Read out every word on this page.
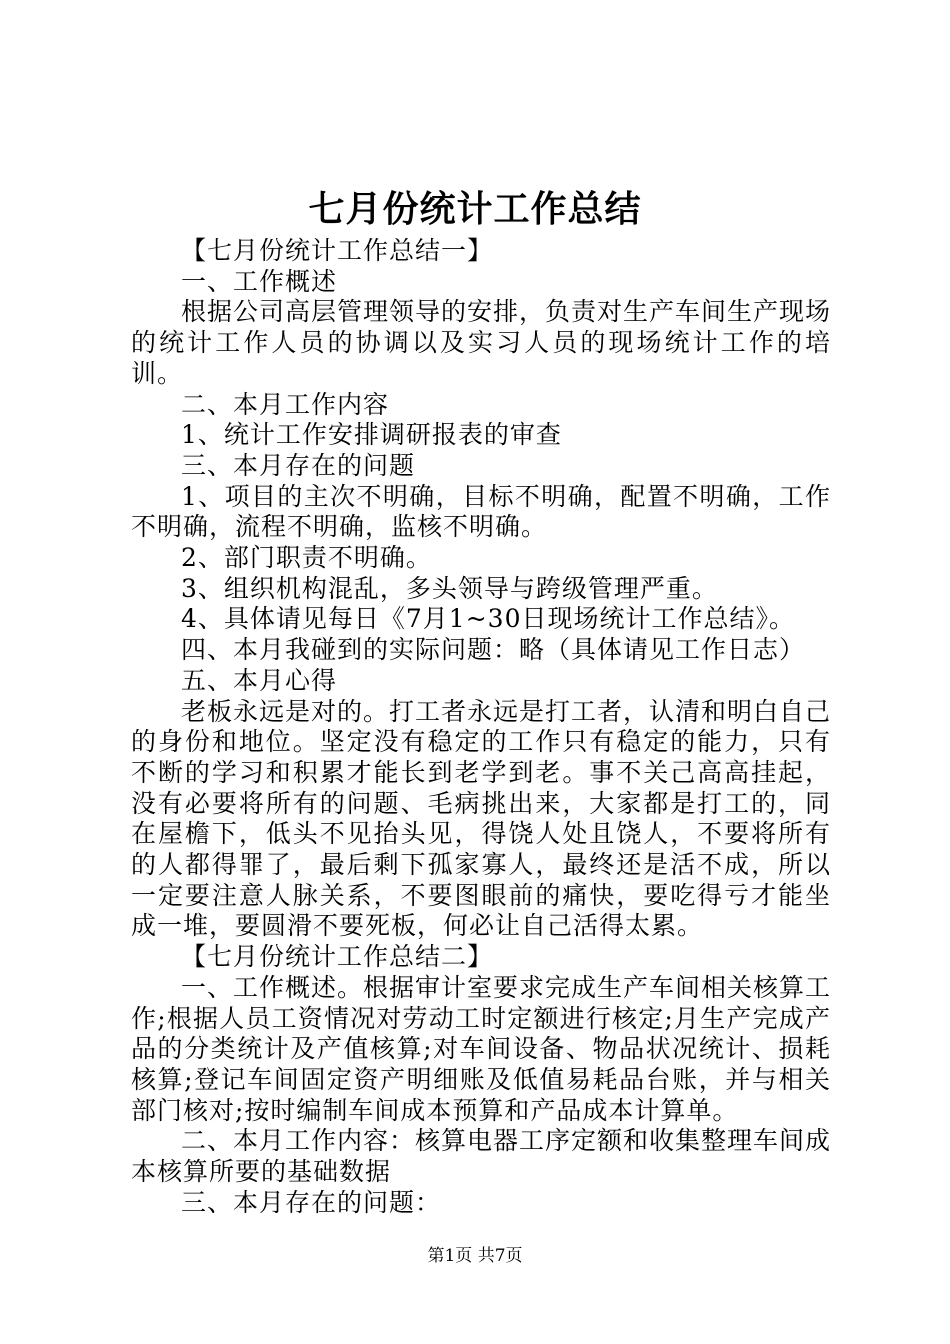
七月份统计工作总结

【七月份统计工作总结一】

一、工作概述

根据公司高层管理领导的安排，负责对生产车间生产现场的统计工作人员的协调以及实习人员的现场统计工作的培训。

二、本月工作内容

1、统计工作安排调研报表的审查

三、本月存在的问题

1、项目的主次不明确，目标不明确，配置不明确，工作不明确，流程不明确，监核不明确。

2、部门职责不明确。

3、组织机构混乱，多头领导与跨级管理严重。

4、具体请见每日《7月1~30日现场统计工作总结》。

四、本月我碰到的实际问题：略（具体请见工作日志）

五、本月心得

老板永远是对的。打工者永远是打工者，认清和明白自己的身份和地位。坚定没有稳定的工作只有稳定的能力，只有不断的学习和积累才能长到老学到老。事不关己高高挂起，没有必要将所有的问题、毛病挑出来，大家都是打工的，同在屋檐下，低头不见抬头见，得饶人处且饶人，不要将所有的人都得罪了，最后剩下孤家寡人，最终还是活不成，所以一定要注意人脉关系，不要图眼前的痛快，要吃得亏才能坐成一堆，要圆滑不要死板，何必让自己活得太累。

【七月份统计工作总结二】

一、工作概述。根据审计室要求完成生产车间相关核算工作;根据人员工资情况对劳动工时定额进行核定;月生产完成产品的分类统计及产值核算;对车间设备、物品状况统计、损耗核算;登记车间固定资产明细账及低值易耗品台账，并与相关部门核对;按时编制车间成本预算和产品成本计算单。

二、本月工作内容：核算电器工序定额和收集整理车间成本核算所要的基础数据

三、本月存在的问题：

第1页 共7页
